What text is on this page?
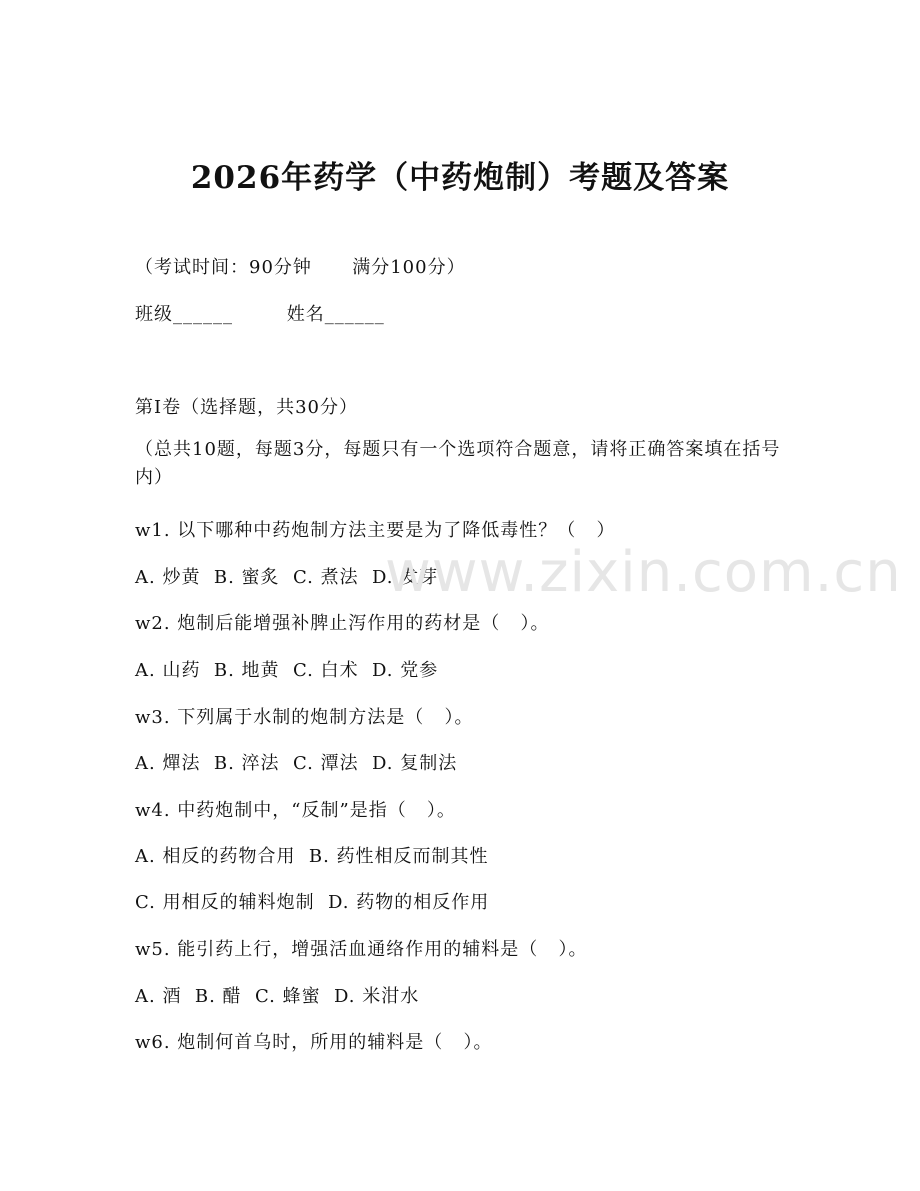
2026年药学（中药炮制）考题及答案
（考试时间：90分钟      满分100分）
班级______        姓名______
第I卷（选择题，共30分）
（总共10题，每题3分，每题只有一个选项符合题意，请将正确答案填在括号内）
w1. 以下哪种中药炮制方法主要是为了降低毒性？（   ）
A. 炒黄  B. 蜜炙  C. 煮法  D. 发芽
w2. 炮制后能增强补脾止泻作用的药材是（   ）。
A. 山药  B. 地黄  C. 白术  D. 党参
w3. 下列属于水制的炮制方法是（   ）。
A. 燀法  B. 淬法  C. 潭法  D. 复制法
w4. 中药炮制中，“反制”是指（   ）。
A. 相反的药物合用  B. 药性相反而制其性
C. 用相反的辅料炮制  D. 药物的相反作用
w5. 能引药上行，增强活血通络作用的辅料是（   ）。
A. 酒  B. 醋  C. 蜂蜜  D. 米泔水
w6. 炮制何首乌时，所用的辅料是（   ）。
www.zixin.com.cn
